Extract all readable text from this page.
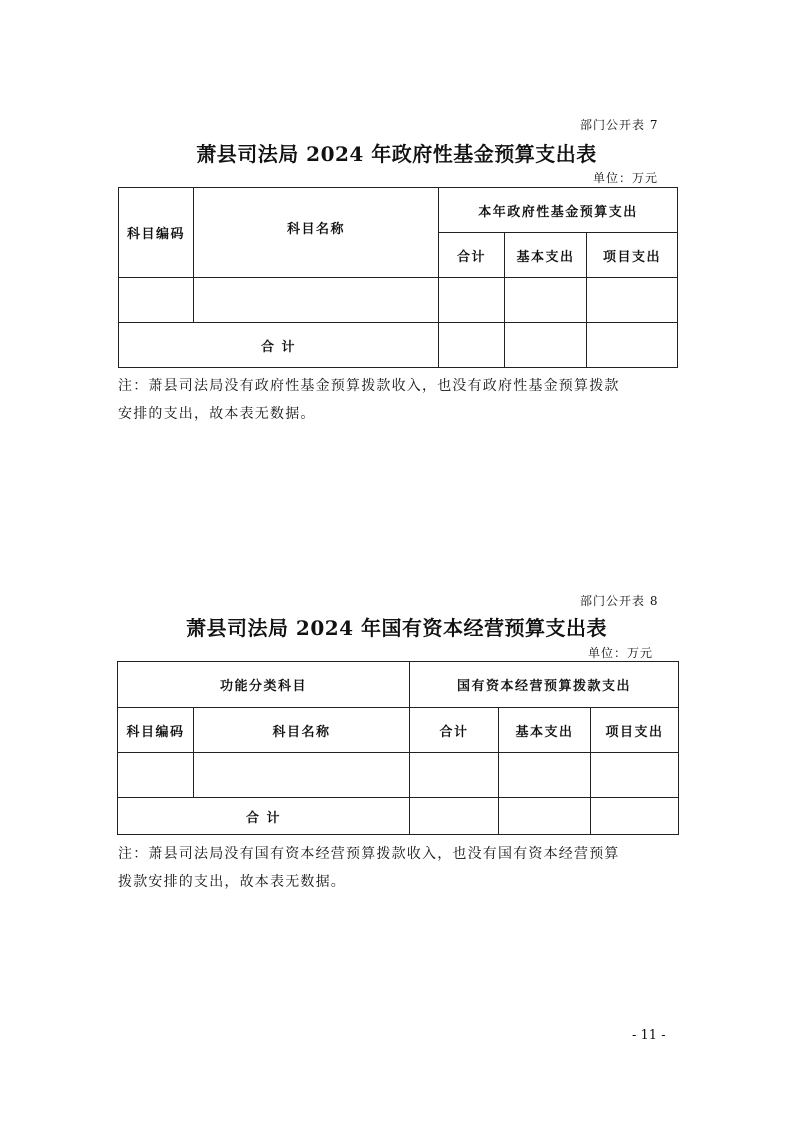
部门公开表 7
萧县司法局 2024 年政府性基金预算支出表
单位：万元
科目编码	科目名称	本年政府性基金预算支出		
		合计	基本支出	项目支出

合 计				
注：萧县司法局没有政府性基金预算拨款收入，也没有政府性基金预算拨款
安排的支出，故本表无数据。
部门公开表 8
萧县司法局 2024 年国有资本经营预算支出表
单位：万元
功能分类科目		国有资本经营预算拨款支出		
科目编码	科目名称	合计	基本支出	项目支出

合 计				
注：萧县司法局没有国有资本经营预算拨款收入，也没有国有资本经营预算
拨款安排的支出，故本表无数据。
- 11 -
